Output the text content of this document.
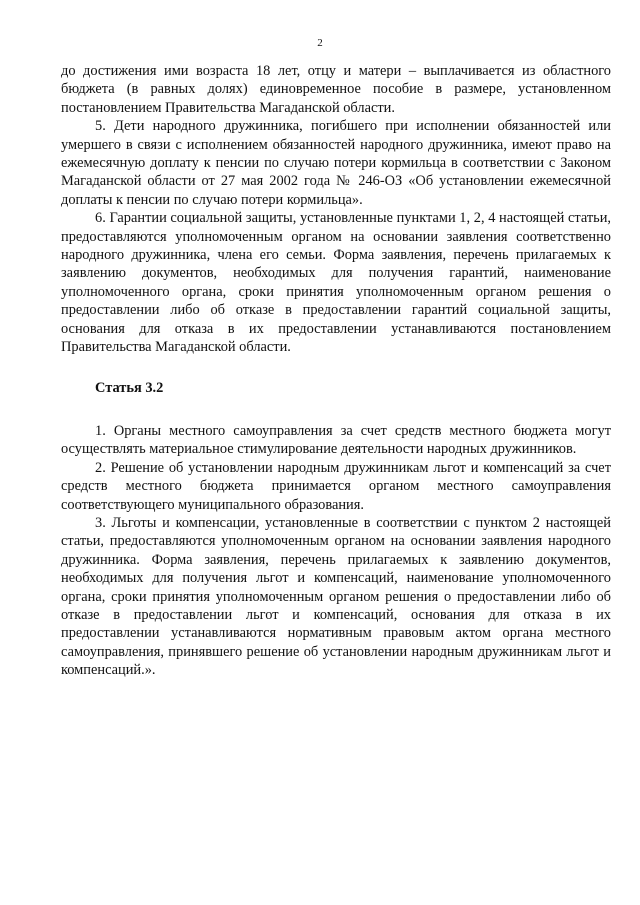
2

до достижения ими возраста 18 лет, отцу и матери – выплачивается из областного бюджета (в равных долях) единовременное пособие в размере, установленном постановлением Правительства Магаданской области.

5. Дети народного дружинника, погибшего при исполнении обязанностей или умершего в связи с исполнением обязанностей народного дружинника, имеют право на ежемесячную доплату к пенсии по случаю потери кормильца в соответствии с Законом Магаданской области от 27 мая 2002 года № 246-ОЗ «Об установлении ежемесячной доплаты к пенсии по случаю потери кормильца».

6. Гарантии социальной защиты, установленные пунктами 1, 2, 4 настоящей статьи, предоставляются уполномоченным органом на основании заявления соответственно народного дружинника, члена его семьи. Форма заявления, перечень прилагаемых к заявлению документов, необходимых для получения гарантий, наименование уполномоченного органа, сроки принятия уполномоченным органом решения о предоставлении либо об отказе в предоставлении гарантий социальной защиты, основания для отказа в их предоставлении устанавливаются постановлением Правительства Магаданской области.

Статья 3.2

1. Органы местного самоуправления за счет средств местного бюджета могут осуществлять материальное стимулирование деятельности народных дружинников.

2. Решение об установлении народным дружинникам льгот и компенсаций за счет средств местного бюджета принимается органом местного самоуправления соответствующего муниципального образования.

3. Льготы и компенсации, установленные в соответствии с пунктом 2 настоящей статьи, предоставляются уполномоченным органом на основании заявления народного дружинника. Форма заявления, перечень прилагаемых к заявлению документов, необходимых для получения льгот и компенсаций, наименование уполномоченного органа, сроки принятия уполномоченным органом решения о предоставлении либо об отказе в предоставлении льгот и компенсаций, основания для отказа в их предоставлении устанавливаются нормативным правовым актом органа местного самоуправления, принявшего решение об установлении народным дружинникам льгот и компенсаций.».
